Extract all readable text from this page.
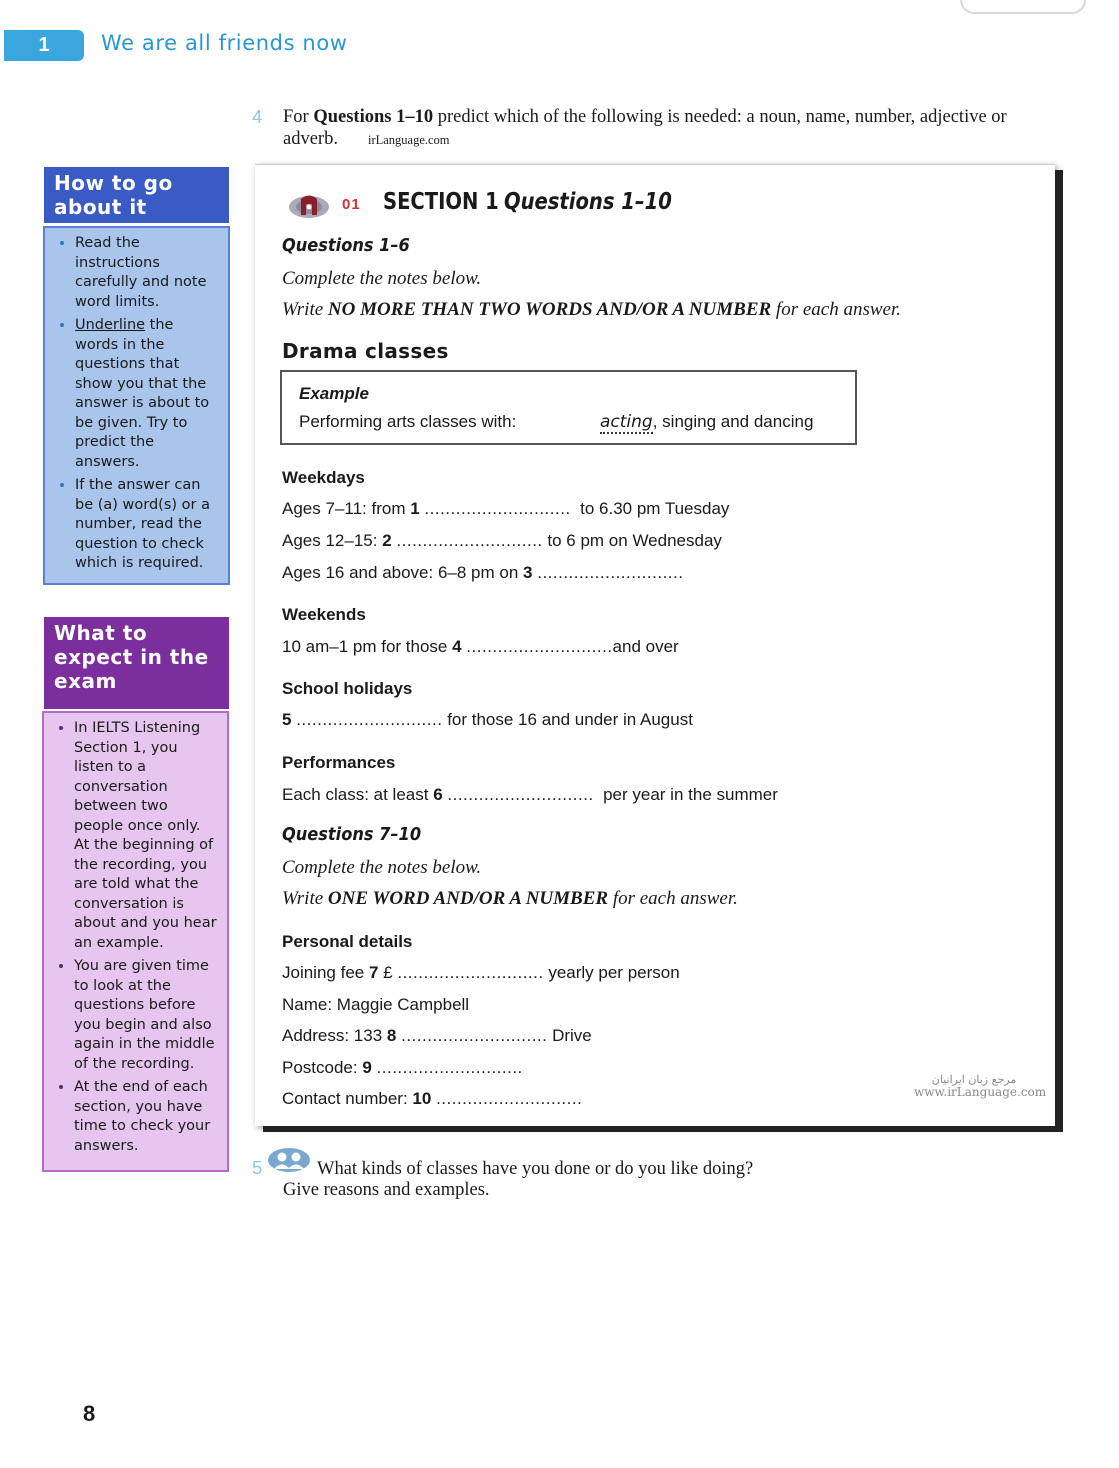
1	We are all friends now
4 For Questions 1–10 predict which of the following is needed: a noun, name, number, adjective or adverb. irLanguage.com
How to go about it
• Read the instructions carefully and note word limits.
• Underline the words in the questions that show you that the answer is about to be given. Try to predict the answers.
• If the answer can be (a) word(s) or a number, read the question to check which is required.
What to expect in the exam
• In IELTS Listening Section 1, you listen to a conversation between two people once only. At the beginning of the recording, you are told what the conversation is about and you hear an example.
• You are given time to look at the questions before you begin and also again in the middle of the recording.
• At the end of each section, you have time to check your answers.
01 SECTION 1 Questions 1–10
Questions 1–6
Complete the notes below.
Write NO MORE THAN TWO WORDS AND/OR A NUMBER for each answer.
Drama classes
Example
Performing arts classes with:	acting, singing and dancing
Weekdays
Ages 7–11: from 1 ............................ to 6.30 pm Tuesday
Ages 12–15: 2 ............................ to 6 pm on Wednesday
Ages 16 and above: 6–8 pm on 3 ............................
Weekends
10 am–1 pm for those 4 ............................and over
School holidays
5 ............................ for those 16 and under in August
Performances
Each class: at least 6 ............................ per year in the summer
Questions 7–10
Complete the notes below.
Write ONE WORD AND/OR A NUMBER for each answer.
Personal details
Joining fee 7 £ ............................ yearly per person
Name: Maggie Campbell
Address: 133 8 ............................ Drive
Postcode: 9 ............................
Contact number: 10 ............................
مرجع زبان ایرانیان
www.irLanguage.com
5	What kinds of classes have you done or do you like doing?
Give reasons and examples.
8
